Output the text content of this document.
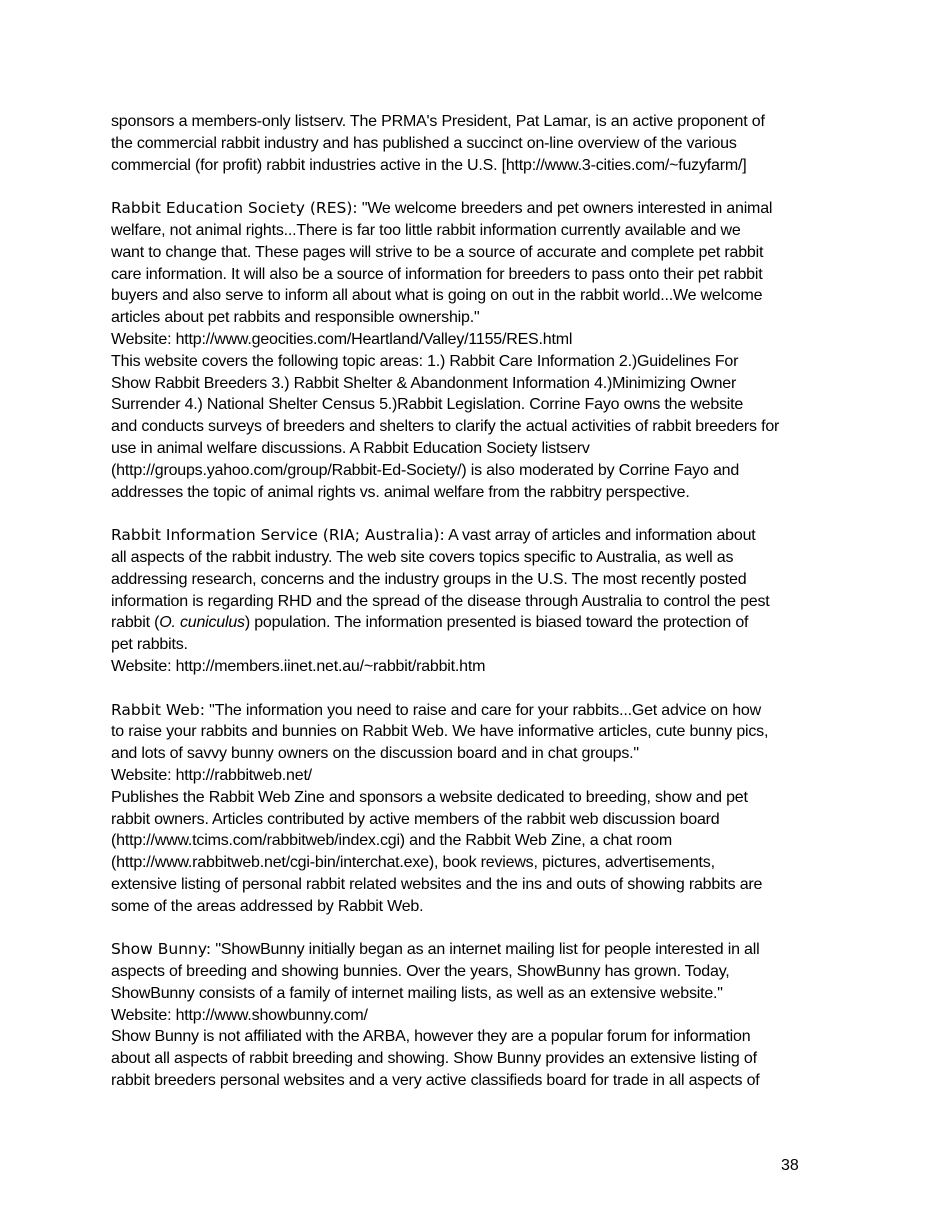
sponsors a members-only listserv. The PRMA's President, Pat Lamar, is an active proponent of
the commercial rabbit industry and has published a succinct on-line overview of the various
commercial (for profit) rabbit industries active in the U.S. [http://www.3-cities.com/~fuzyfarm/]
Rabbit Education Society (RES): "We welcome breeders and pet owners interested in animal
welfare, not animal rights...There is far too little rabbit information currently available and we
want to change that. These pages will strive to be a source of accurate and complete pet rabbit
care information. It will also be a source of information for breeders to pass onto their pet rabbit
buyers and also serve to inform all about what is going on out in the rabbit world...We welcome
articles about pet rabbits and responsible ownership."
Website: http://www.geocities.com/Heartland/Valley/1155/RES.html
This website covers the following topic areas: 1.) Rabbit Care Information 2.)Guidelines For
Show Rabbit Breeders 3.) Rabbit Shelter & Abandonment Information 4.)Minimizing Owner
Surrender 4.) National Shelter Census 5.)Rabbit Legislation. Corrine Fayo owns the website
and conducts surveys of breeders and shelters to clarify the actual activities of rabbit breeders for
use in animal welfare discussions. A Rabbit Education Society listserv
(http://groups.yahoo.com/group/Rabbit-Ed-Society/) is also moderated by Corrine Fayo and
addresses the topic of animal rights vs. animal welfare from the rabbitry perspective.
Rabbit Information Service (RIA; Australia): A vast array of articles and information about
all aspects of the rabbit industry. The web site covers topics specific to Australia, as well as
addressing research, concerns and the industry groups in the U.S. The most recently posted
information is regarding RHD and the spread of the disease through Australia to control the pest
rabbit (O. cuniculus) population. The information presented is biased toward the protection of
pet rabbits.
Website: http://members.iinet.net.au/~rabbit/rabbit.htm
Rabbit Web: "The information you need to raise and care for your rabbits...Get advice on how
to raise your rabbits and bunnies on Rabbit Web. We have informative articles, cute bunny pics,
and lots of savvy bunny owners on the discussion board and in chat groups."
Website: http://rabbitweb.net/
Publishes the Rabbit Web Zine and sponsors a website dedicated to breeding, show and pet
rabbit owners. Articles contributed by active members of the rabbit web discussion board
(http://www.tcims.com/rabbitweb/index.cgi) and the Rabbit Web Zine, a chat room
(http://www.rabbitweb.net/cgi-bin/interchat.exe), book reviews, pictures, advertisements,
extensive listing of personal rabbit related websites and the ins and outs of showing rabbits are
some of the areas addressed by Rabbit Web.
Show Bunny: "ShowBunny initially began as an internet mailing list for people interested in all
aspects of breeding and showing bunnies. Over the years, ShowBunny has grown. Today,
ShowBunny consists of a family of internet mailing lists, as well as an extensive website."
Website: http://www.showbunny.com/
Show Bunny is not affiliated with the ARBA, however they are a popular forum for information
about all aspects of rabbit breeding and showing. Show Bunny provides an extensive listing of
rabbit breeders personal websites and a very active classifieds board for trade in all aspects of
38
